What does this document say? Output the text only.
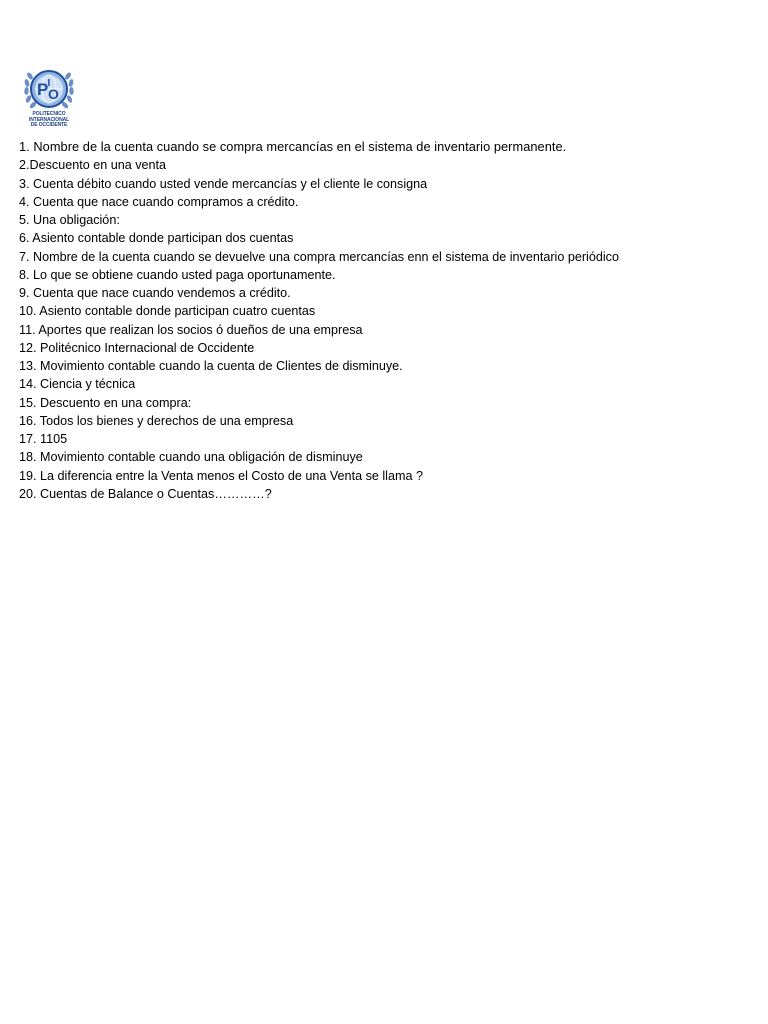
P I
O
POLITECNICO
INTERNACIONAL
DE OCCIDENTE
1. Nombre de la cuenta cuando se compra mercancías en el sistema de inventario permanente.
2.Descuento en una venta
3. Cuenta débito cuando usted vende mercancías y el cliente le consigna
4. Cuenta que nace cuando compramos a crédito.
5. Una obligación:
6. Asiento contable donde participan dos cuentas
7. Nombre de la cuenta cuando se devuelve una compra mercancías enn el sistema de inventario periódico
8. Lo que se obtiene cuando usted paga oportunamente.
9. Cuenta que nace cuando vendemos a crédito.
10. Asiento contable donde participan cuatro cuentas
11. Aportes que realizan los socios ó dueños de una empresa
12. Politécnico Internacional de Occidente
13. Movimiento contable cuando la cuenta de Clientes de disminuye.
14. Ciencia y técnica
15. Descuento en una compra:
16. Todos los bienes y derechos de una empresa
17. 1105
18. Movimiento contable cuando una obligación de disminuye
19. La diferencia entre la Venta menos el Costo de una Venta se llama ?
20. Cuentas de Balance o Cuentas…………?
